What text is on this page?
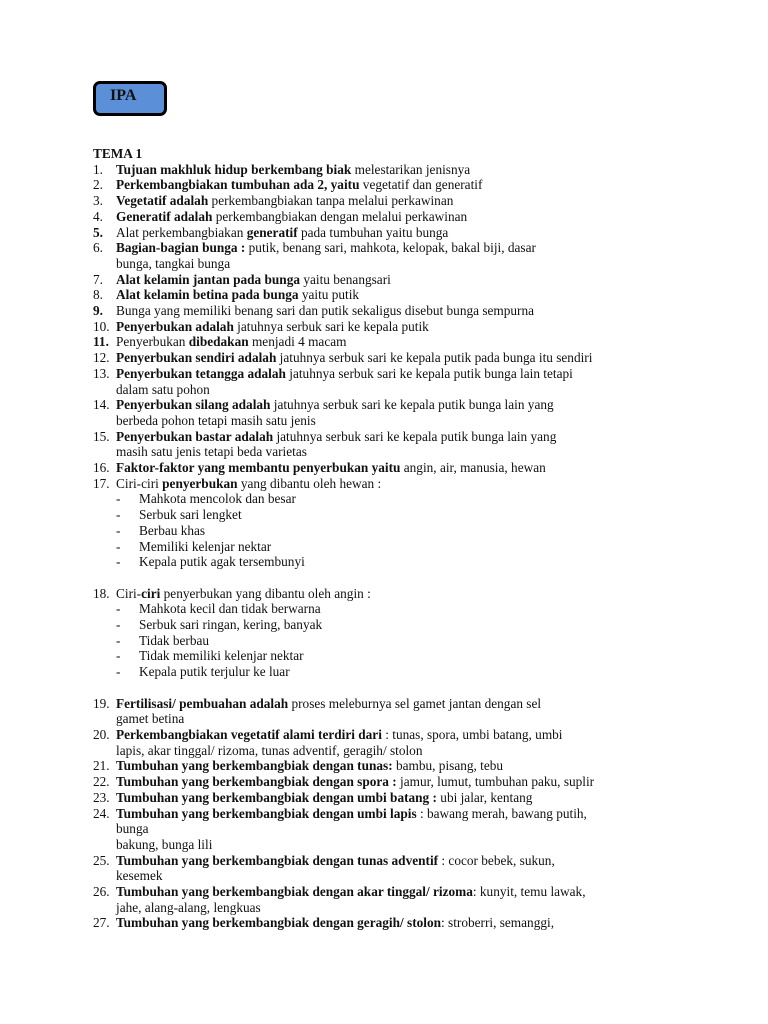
IPA
TEMA 1
1. Tujuan makhluk hidup berkembang biak melestarikan jenisnya
2. Perkembangbiakan tumbuhan ada 2, yaitu vegetatif dan generatif
3. Vegetatif adalah perkembangbiakan tanpa melalui perkawinan
4. Generatif adalah perkembangbiakan dengan melalui perkawinan
5. Alat perkembangbiakan generatif pada tumbuhan yaitu bunga
6. Bagian-bagian bunga : putik, benang sari, mahkota, kelopak, bakal biji, dasar
bunga, tangkai bunga
7. Alat kelamin jantan pada bunga yaitu benangsari
8. Alat kelamin betina pada bunga yaitu putik
9. Bunga yang memiliki benang sari dan putik sekaligus disebut bunga sempurna
10. Penyerbukan adalah jatuhnya serbuk sari ke kepala putik
11. Penyerbukan dibedakan menjadi 4 macam
12. Penyerbukan sendiri adalah jatuhnya serbuk sari ke kepala putik pada bunga itu sendiri
13. Penyerbukan tetangga adalah jatuhnya serbuk sari ke kepala putik bunga lain tetapi
dalam satu pohon
14. Penyerbukan silang adalah jatuhnya serbuk sari ke kepala putik bunga lain yang
berbeda pohon tetapi masih satu jenis
15. Penyerbukan bastar adalah jatuhnya serbuk sari ke kepala putik bunga lain yang
masih satu jenis tetapi beda varietas
16. Faktor-faktor yang membantu penyerbukan yaitu angin, air, manusia, hewan
17. Ciri-ciri penyerbukan yang dibantu oleh hewan :
-	Mahkota mencolok dan besar
-	Serbuk sari lengket
-	Berbau khas
-	Memiliki kelenjar nektar
-	Kepala putik agak tersembunyi
18. Ciri-ciri penyerbukan yang dibantu oleh angin :
-	Mahkota kecil dan tidak berwarna
-	Serbuk sari ringan, kering, banyak
-	Tidak berbau
-	Tidak memiliki kelenjar nektar
-	Kepala putik terjulur ke luar
19. Fertilisasi/ pembuahan adalah proses meleburnya sel gamet jantan dengan sel
gamet betina
20. Perkembangbiakan vegetatif alami terdiri dari : tunas, spora, umbi batang, umbi
lapis, akar tinggal/ rizoma, tunas adventif, geragih/ stolon
21. Tumbuhan yang berkembangbiak dengan tunas: bambu, pisang, tebu
22. Tumbuhan yang berkembangbiak dengan spora : jamur, lumut, tumbuhan paku, suplir
23. Tumbuhan yang berkembangbiak dengan umbi batang : ubi jalar, kentang
24. Tumbuhan yang berkembangbiak dengan umbi lapis : bawang merah, bawang putih,
bunga
bakung, bunga lili
25. Tumbuhan yang berkembangbiak dengan tunas adventif : cocor bebek, sukun,
kesemek
26. Tumbuhan yang berkembangbiak dengan akar tinggal/ rizoma: kunyit, temu lawak,
jahe, alang-alang, lengkuas
27. Tumbuhan yang berkembangbiak dengan geragih/ stolon: stroberri, semanggi,
